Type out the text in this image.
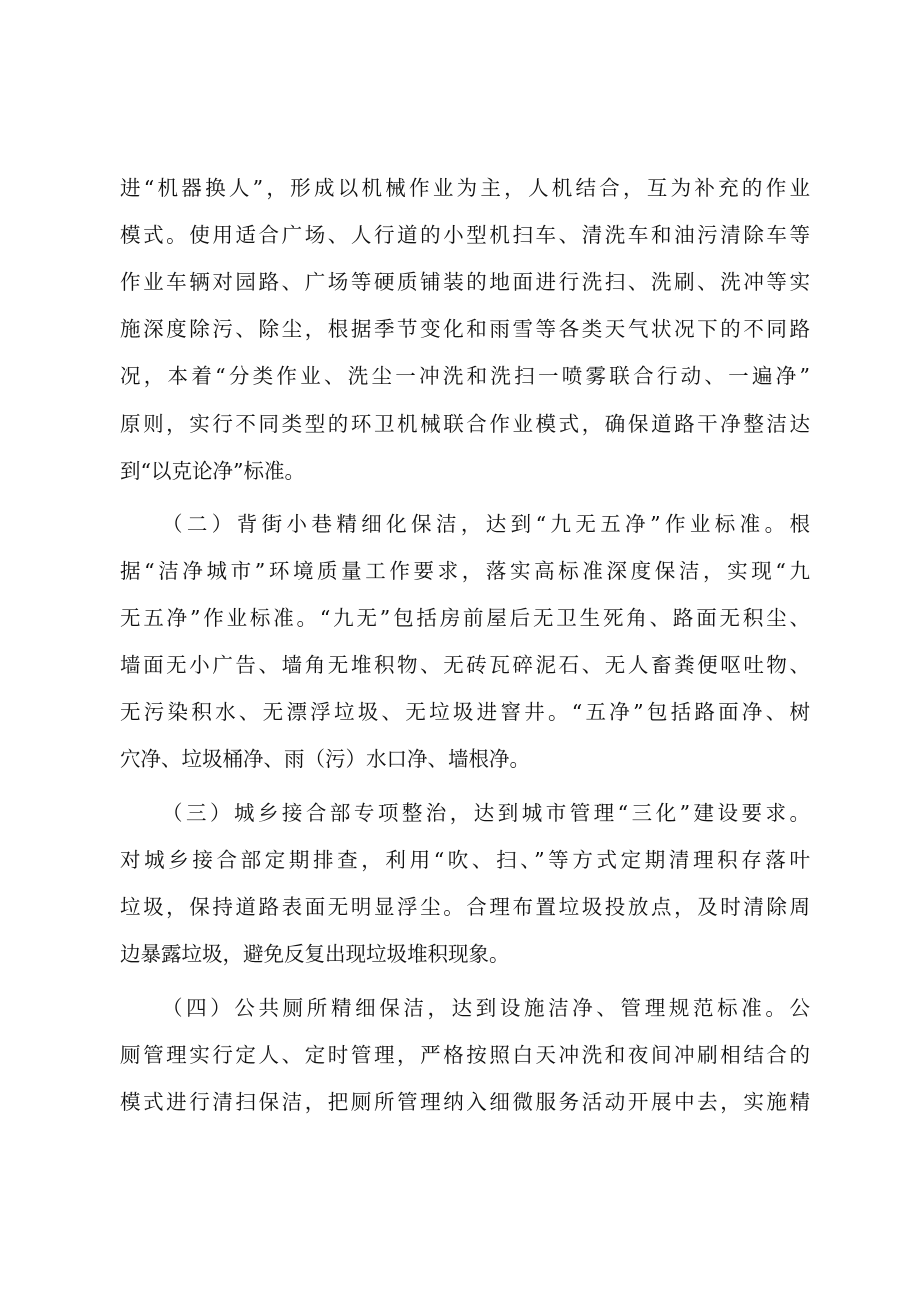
进“机器换人”，形成以机械作业为主，人机结合，互为补充的作业
模式。使用适合广场、人行道的小型机扫车、清洗车和油污清除车等
作业车辆对园路、广场等硬质铺装的地面进行洗扫、洗刷、洗冲等实
施深度除污、除尘，根据季节变化和雨雪等各类天气状况下的不同路
况，本着“分类作业、洗尘一冲洗和洗扫一喷雾联合行动、一遍净”
原则，实行不同类型的环卫机械联合作业模式，确保道路干净整洁达
到“以克论净”标准。
（二）背街小巷精细化保洁，达到“九无五净”作业标准。根
据“洁净城市”环境质量工作要求，落实高标准深度保洁，实现“九
无五净”作业标准。“九无”包括房前屋后无卫生死角、路面无积尘、
墙面无小广告、墙角无堆积物、无砖瓦碎泥石、无人畜粪便呕吐物、
无污染积水、无漂浮垃圾、无垃圾进窨井。“五净”包括路面净、树
穴净、垃圾桶净、雨（污）水口净、墙根净。
（三）城乡接合部专项整治，达到城市管理“三化”建设要求。
对城乡接合部定期排查，利用“吹、扫、”等方式定期清理积存落叶
垃圾，保持道路表面无明显浮尘。合理布置垃圾投放点，及时清除周
边暴露垃圾，避免反复出现垃圾堆积现象。
（四）公共厕所精细保洁，达到设施洁净、管理规范标准。公
厕管理实行定人、定时管理，严格按照白天冲洗和夜间冲刷相结合的
模式进行清扫保洁，把厕所管理纳入细微服务活动开展中去，实施精
